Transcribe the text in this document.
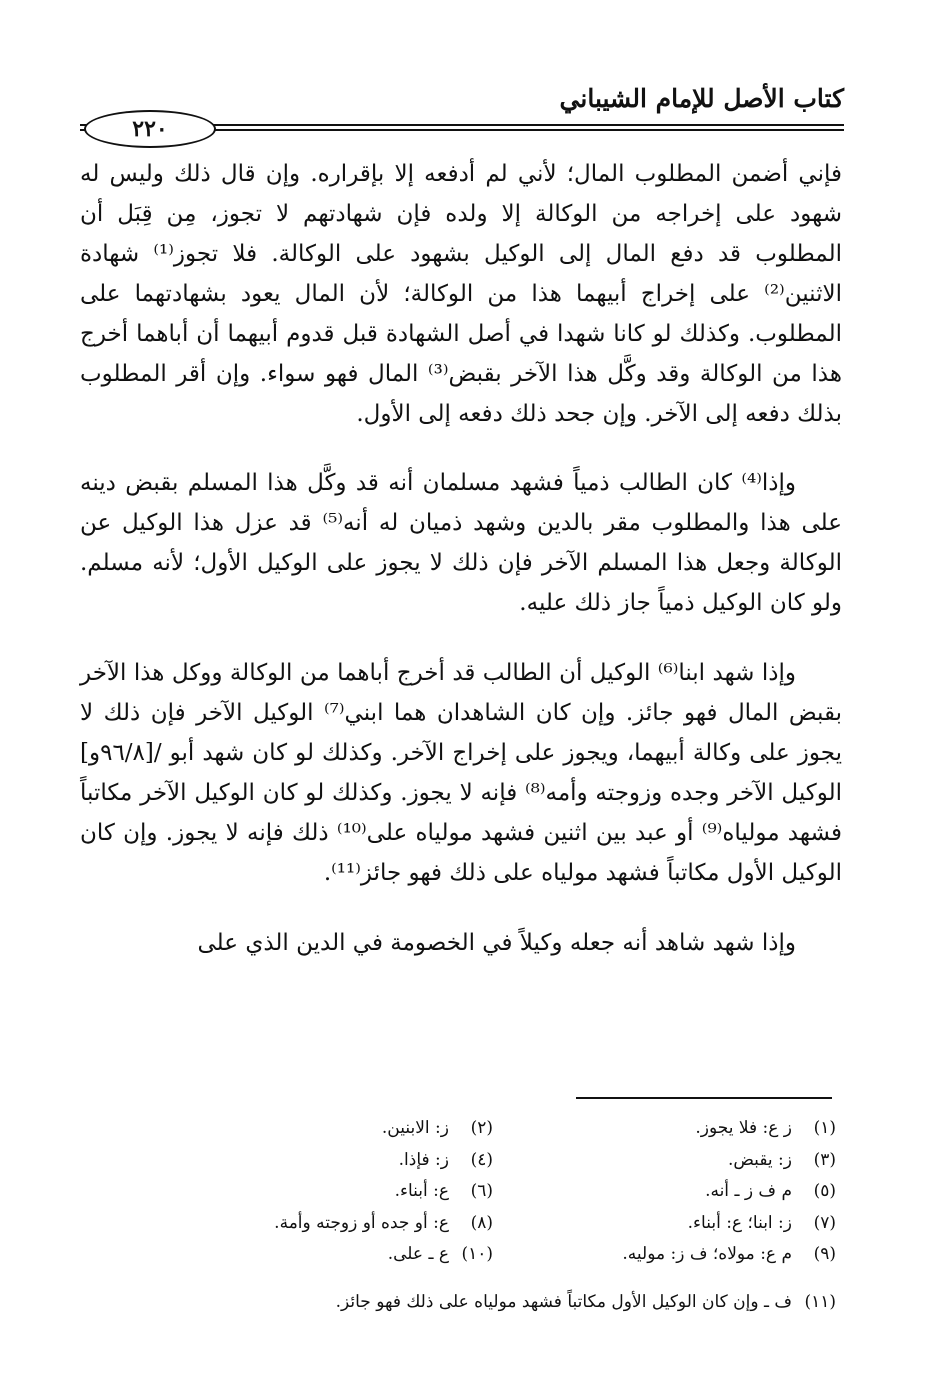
كتاب الأصل للإمام الشيباني
٢٢٠

فإني أضمن المطلوب المال؛ لأني لم أدفعه إلا بإقراره. وإن قال ذلك وليس له شهود على إخراجه من الوكالة إلا ولده فإن شهادتهم لا تجوز، مِن قِبَل أن المطلوب قد دفع المال إلى الوكيل بشهود على الوكالة. فلا تجوز⁽¹⁾ شهادة الاثنين⁽²⁾ على إخراج أبيهما هذا من الوكالة؛ لأن المال يعود بشهادتهما على المطلوب. وكذلك لو كانا شهدا في أصل الشهادة قبل قدوم أبيهما أن أباهما أخرج هذا من الوكالة وقد وكَّل هذا الآخر بقبض⁽³⁾ المال فهو سواء. وإن أقر المطلوب بذلك دفعه إلى الآخر. وإن جحد ذلك دفعه إلى الأول.

وإذا⁽⁴⁾ كان الطالب ذمياً فشهد مسلمان أنه قد وكَّل هذا المسلم بقبض دينه على هذا والمطلوب مقر بالدين وشهد ذميان له أنه⁽⁵⁾ قد عزل هذا الوكيل عن الوكالة وجعل هذا المسلم الآخر فإن ذلك لا يجوز على الوكيل الأول؛ لأنه مسلم. ولو كان الوكيل ذمياً جاز ذلك عليه.

وإذا شهد ابنا⁽⁶⁾ الوكيل أن الطالب قد أخرج أباهما من الوكالة ووكل هذا الآخر بقبض المال فهو جائز. وإن كان الشاهدان هما ابني⁽⁷⁾ الوكيل الآخر فإن ذلك لا يجوز على وكالة أبيهما، ويجوز على إخراج الآخر. وكذلك لو كان شهد أبو /[٩٦/٨و] الوكيل الآخر وجده وزوجته وأمه⁽⁸⁾ فإنه لا يجوز. وكذلك لو كان الوكيل الآخر مكاتباً فشهد مولياه⁽⁹⁾ أو عبد بين اثنين فشهد مولياه على⁽¹⁰⁾ ذلك فإنه لا يجوز. وإن كان الوكيل الأول مكاتباً فشهد مولياه على ذلك فهو جائز⁽¹¹⁾.

وإذا شهد شاهد أنه جعله وكيلاً في الخصومة في الدين الذي على

(١)ز ع: فلا يجوز.
(٢)ز: الابنين.
(٣)ز: يقبض.
(٤)ز: فإذا.
(٥)م ف ز ـ أنه.
(٦)ع: أبناء.
(٧)ز: ابنا؛ ع: أبناء.
(٨)ع: أو جده أو زوجته وأمة.
(٩)م ع: مولاه؛ ف ز: موليه.
(١٠)ع ـ على.
(١١)ف ـ وإن كان الوكيل الأول مكاتباً فشهد مولياه على ذلك فهو جائز.
